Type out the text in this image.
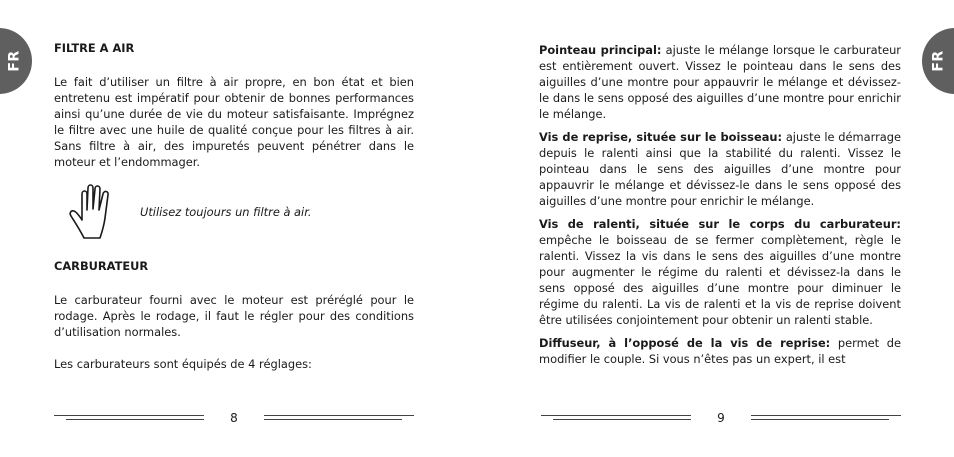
FR
FILTRE A AIR

Le fait d’utiliser un filtre à air propre, en bon état et bien entretenu est impératif pour obtenir de bonnes performances ainsi qu’une durée de vie du moteur satisfaisante. Imprégnez le filtre avec une huile de qualité conçue pour les filtres à air. Sans filtre à air, des impuretés peuvent pénétrer dans le moteur et l’endommager.

Utilisez toujours un filtre à air.
CARBURATEUR

Le carburateur fourni avec le moteur est préréglé pour le rodage. Après le rodage, il faut le régler pour des conditions d’utilisation normales.

Les carburateurs sont équipés de 4 réglages:

8
FR

Pointeau principal: ajuste le mélange lorsque le carburateur est entièrement ouvert. Vissez le pointeau dans le sens des aiguilles d’une montre pour appauvrir le mélange et dévissez-le dans le sens opposé des aiguilles d’une montre pour enrichir le mélange.

Vis de reprise, située sur le boisseau: ajuste le démarrage depuis le ralenti ainsi que la stabilité du ralenti. Vissez le pointeau dans le sens des aiguilles d’une montre pour appauvrir le mélange et dévissez-le dans le sens opposé des aiguilles d’une montre pour enrichir le mélange.

Vis de ralenti, située sur le corps du carburateur: empêche le boisseau de se fermer complètement, règle le ralenti. Vissez la vis dans le sens des aiguilles d’une montre pour augmenter le régime du ralenti et dévissez-la dans le sens opposé des aiguilles d’une montre pour diminuer le régime du ralenti. La vis de ralenti et la vis de reprise doivent être utilisées conjointement pour obtenir un ralenti stable.

Diffuseur, à l’opposé de la vis de reprise: permet de modifier le couple. Si vous n’êtes pas un expert, il est

9
